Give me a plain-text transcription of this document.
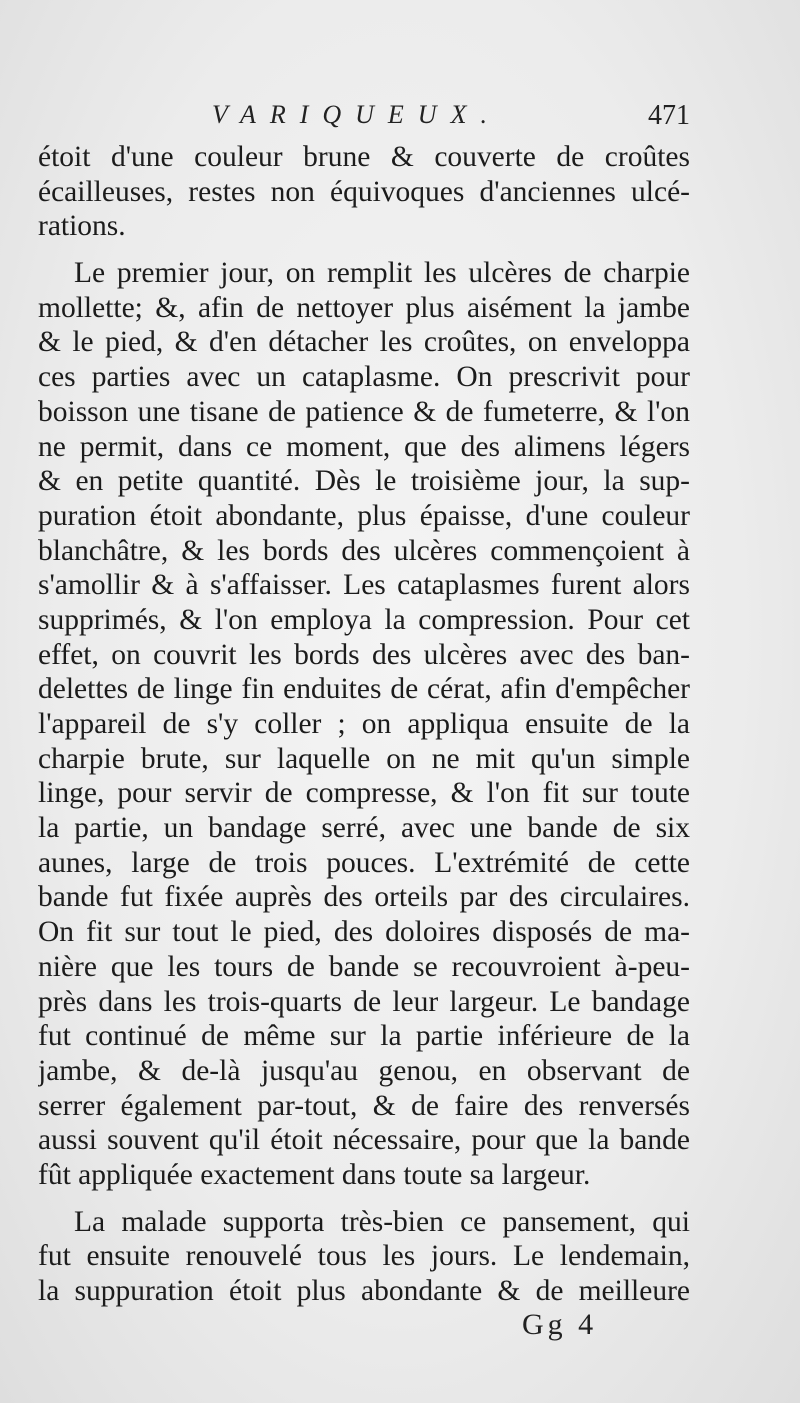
VARIQUEUX.	471
étoit d'une couleur brune & couverte de croûtes
écailleuses, restes non équivoques d'anciennes ulcé-
rations.
Le premier jour, on remplit les ulcères de charpie
mollette; &, afin de nettoyer plus aisément la jambe
& le pied, & d'en détacher les croûtes, on enveloppa
ces parties avec un cataplasme. On prescrivit pour
boisson une tisane de patience & de fumeterre, & l'on
ne permit, dans ce moment, que des alimens légers
& en petite quantité. Dès le troisième jour, la sup-
puration étoit abondante, plus épaisse, d'une couleur
blanchâtre, & les bords des ulcères commençoient à
s'amollir & à s'affaisser. Les cataplasmes furent alors
supprimés, & l'on employa la compression. Pour cet
effet, on couvrit les bords des ulcères avec des ban-
delettes de linge fin enduites de cérat, afin d'empêcher
l'appareil de s'y coller ; on appliqua ensuite de la
charpie brute, sur laquelle on ne mit qu'un simple
linge, pour servir de compresse, & l'on fit sur toute
la partie, un bandage serré, avec une bande de six
aunes, large de trois pouces. L'extrémité de cette
bande fut fixée auprès des orteils par des circulaires.
On fit sur tout le pied, des doloires disposés de ma-
nière que les tours de bande se recouvroient à-peu-
près dans les trois-quarts de leur largeur. Le bandage
fut continué de même sur la partie inférieure de la
jambe, & de-là jusqu'au genou, en observant de
serrer également par-tout, & de faire des renversés
aussi souvent qu'il étoit nécessaire, pour que la bande
fût appliquée exactement dans toute sa largeur.
La malade supporta très-bien ce pansement, qui
fut ensuite renouvelé tous les jours. Le lendemain,
la suppuration étoit plus abondante & de meilleure
Gg 4
